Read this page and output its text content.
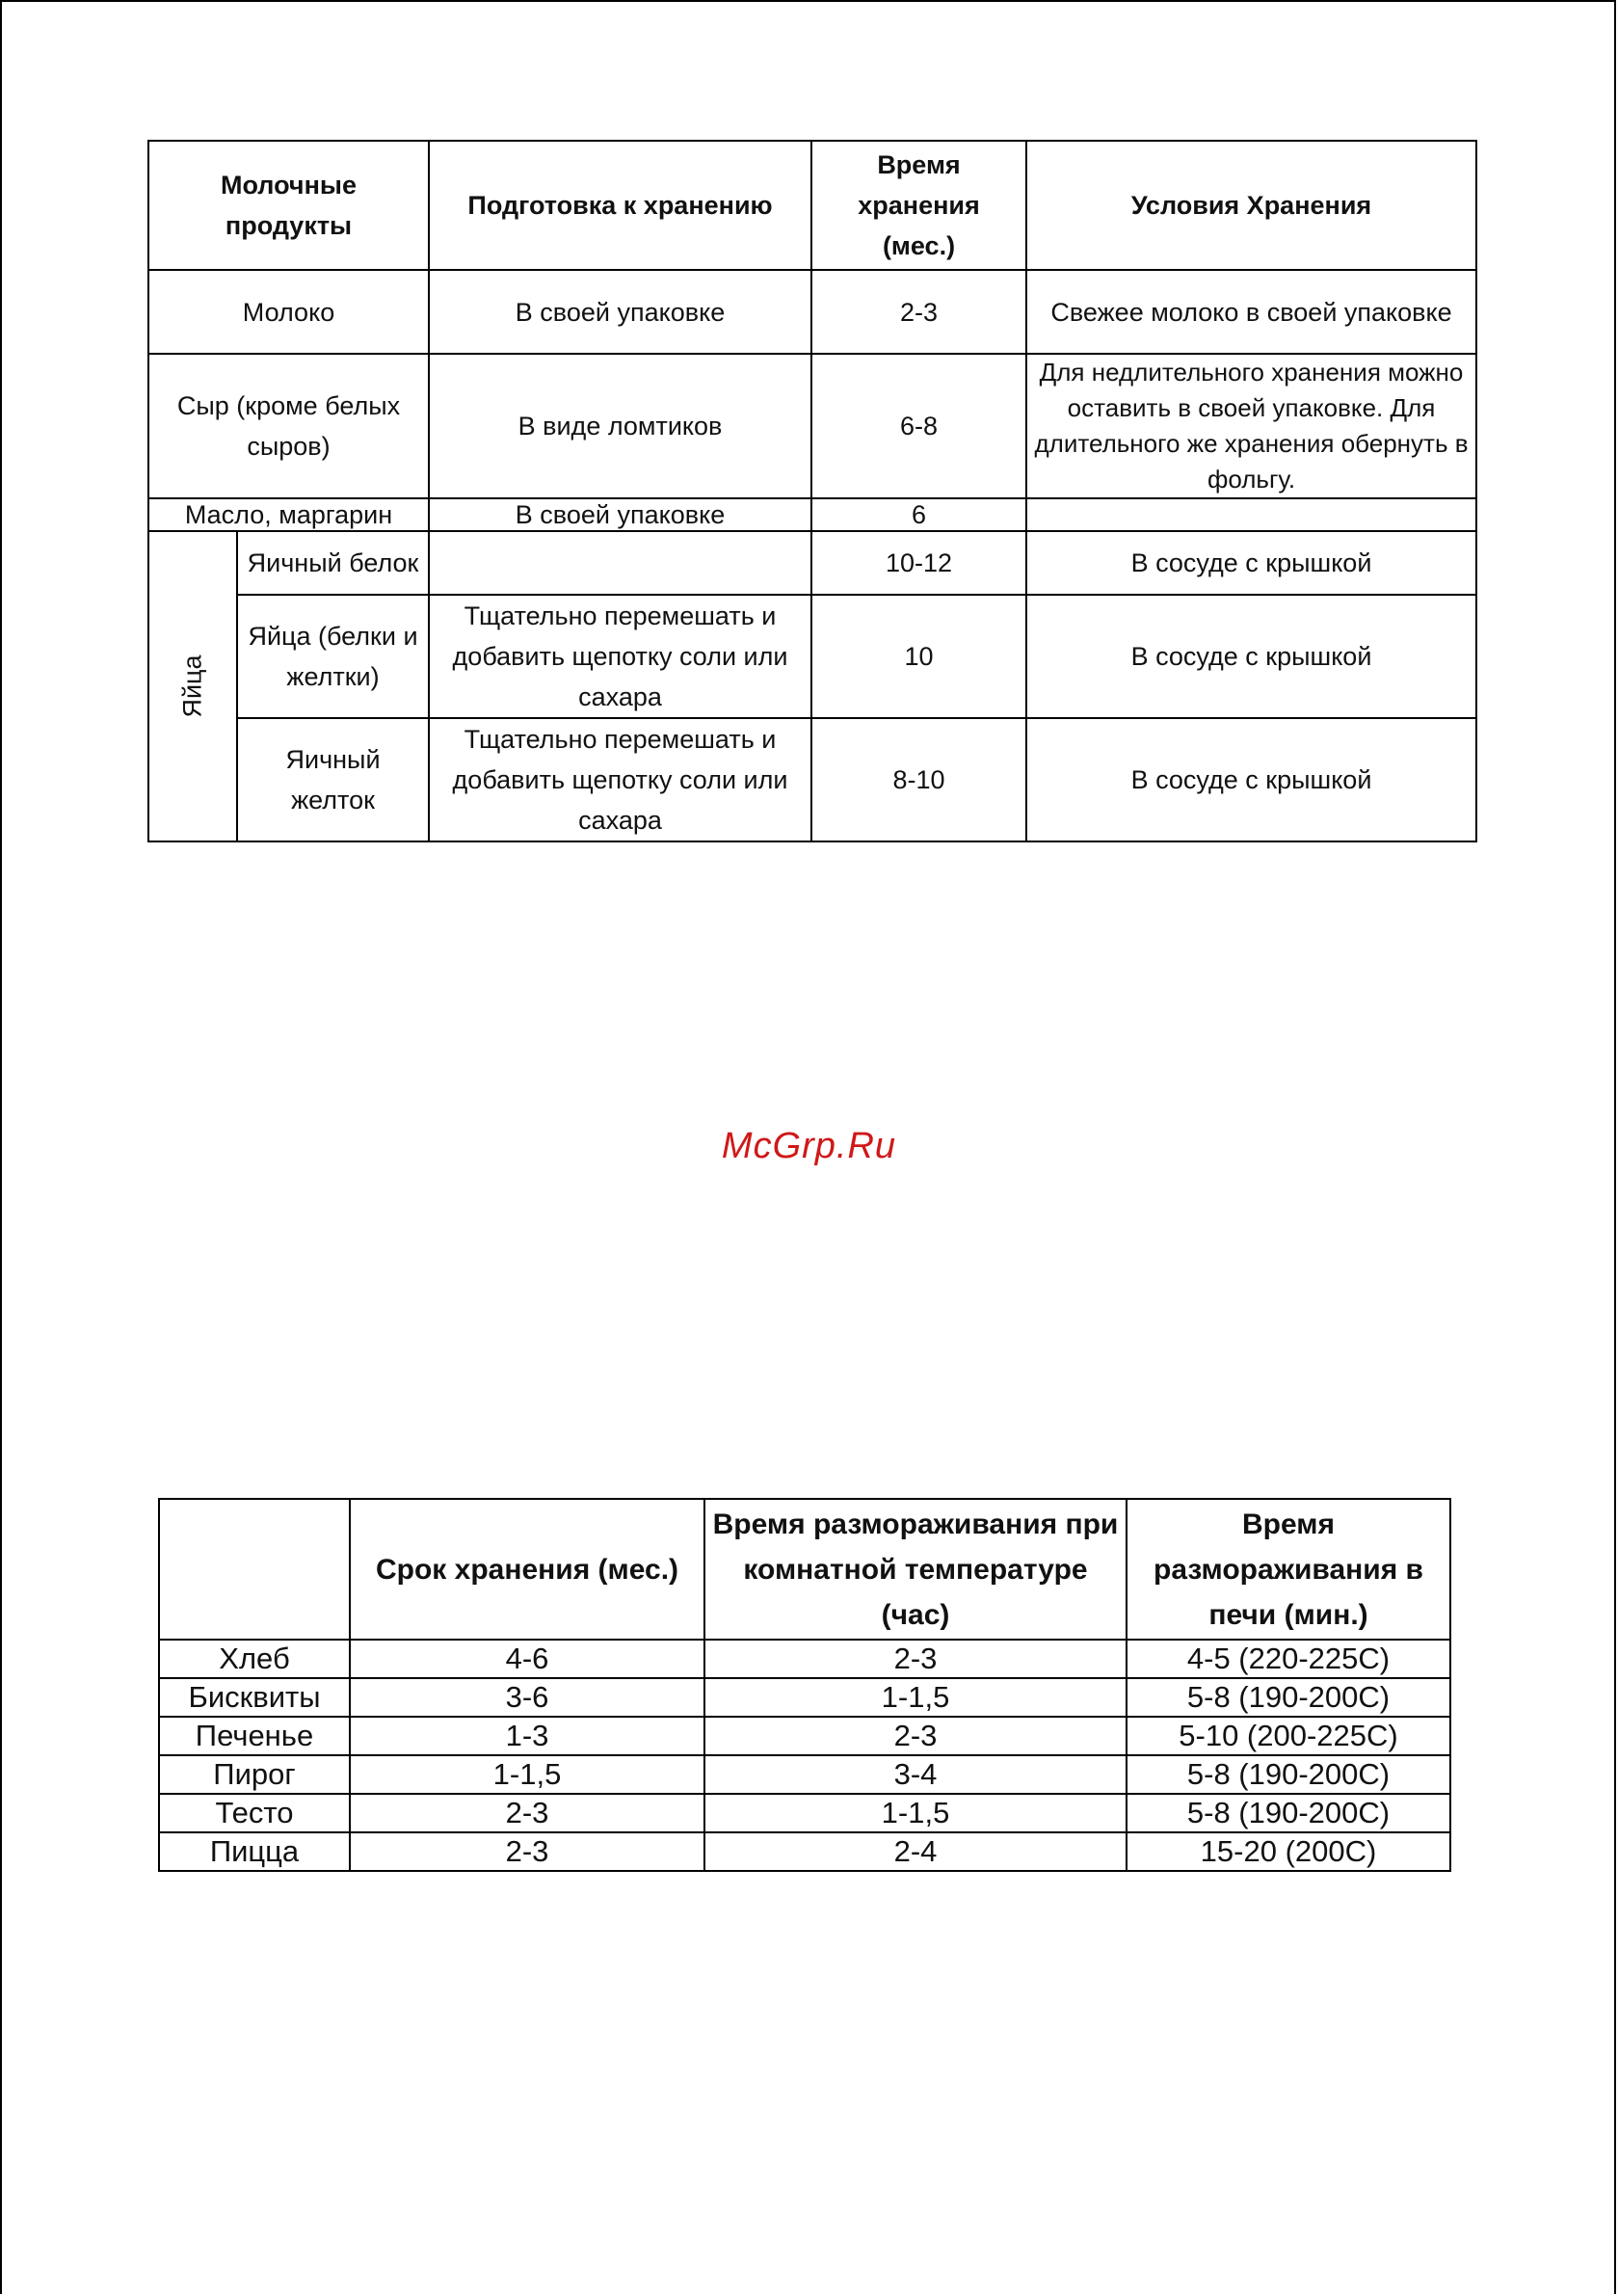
Молочные продукты		Подготовка к хранению	Время хранения (мес.)	Условия Хранения
Молоко		В своей упаковке	2-3	Свежее молоко в своей упаковке
Сыр (кроме белых сыров)		В виде ломтиков	6-8	Для недлительного хранения можно оставить в своей упаковке. Для длительного же хранения обернуть в фольгу.
Масло, маргарин		В своей упаковке	6	
Яйца	Яичный белок		10-12	В сосуде с крышкой
	Яйца (белки и желтки)	Тщательно перемешать и добавить щепотку соли или сахара	10	В сосуде с крышкой
	Яичный желток	Тщательно перемешать и добавить щепотку соли или сахара	8-10	В сосуде с крышкой
McGrp.Ru
	Срок хранения (мес.)	Время размораживания при комнатной температуре (час)	Время размораживания в печи (мин.)
Хлеб	4-6	2-3	4-5 (220-225C)
Бисквиты	3-6	1-1,5	5-8 (190-200C)
Печенье	1-3	2-3	5-10 (200-225C)
Пирог	1-1,5	3-4	5-8 (190-200C)
Тесто	2-3	1-1,5	5-8 (190-200C)
Пицца	2-3	2-4	15-20 (200C)
